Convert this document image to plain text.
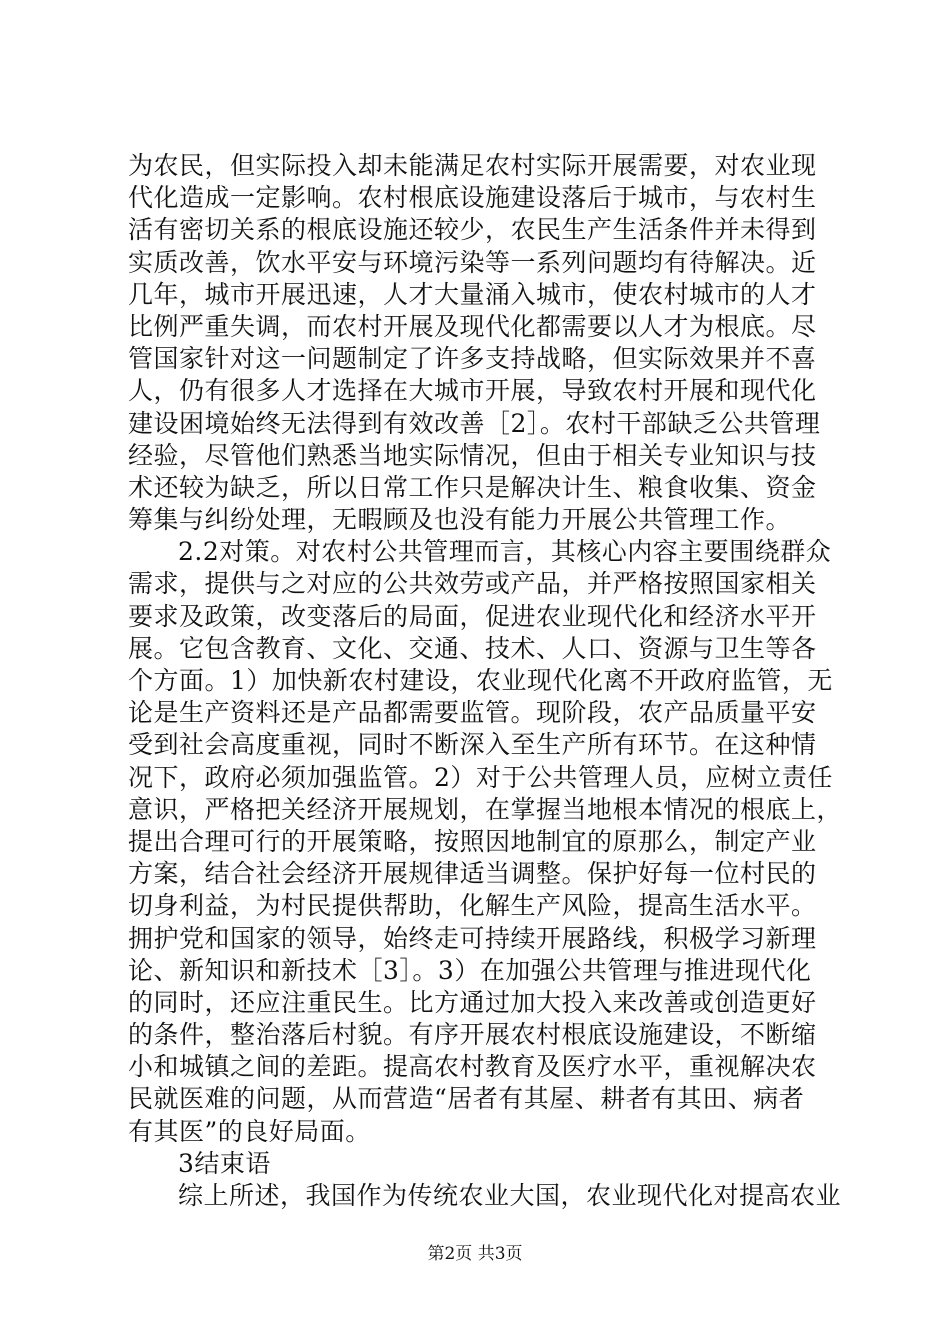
为农民，但实际投入却未能满足农村实际开展需要，对农业现
代化造成一定影响。农村根底设施建设落后于城市，与农村生
活有密切关系的根底设施还较少，农民生产生活条件并未得到
实质改善，饮水平安与环境污染等一系列问题均有待解决。近
几年，城市开展迅速，人才大量涌入城市，使农村城市的人才
比例严重失调，而农村开展及现代化都需要以人才为根底。尽
管国家针对这一问题制定了许多支持战略，但实际效果并不喜
人，仍有很多人才选择在大城市开展，导致农村开展和现代化
建设困境始终无法得到有效改善［2］。农村干部缺乏公共管理
经验，尽管他们熟悉当地实际情况，但由于相关专业知识与技
术还较为缺乏，所以日常工作只是解决计生、粮食收集、资金
筹集与纠纷处理，无暇顾及也没有能力开展公共管理工作。
2.2对策。对农村公共管理而言，其核心内容主要围绕群众
需求，提供与之对应的公共效劳或产品，并严格按照国家相关
要求及政策，改变落后的局面，促进农业现代化和经济水平开
展。它包含教育、文化、交通、技术、人口、资源与卫生等各
个方面。1）加快新农村建设，农业现代化离不开政府监管，无
论是生产资料还是产品都需要监管。现阶段，农产品质量平安
受到社会高度重视，同时不断深入至生产所有环节。在这种情
况下，政府必须加强监管。2）对于公共管理人员，应树立责任
意识，严格把关经济开展规划，在掌握当地根本情况的根底上，
提出合理可行的开展策略，按照因地制宜的原那么，制定产业
方案，结合社会经济开展规律适当调整。保护好每一位村民的
切身利益，为村民提供帮助，化解生产风险，提高生活水平。
拥护党和国家的领导，始终走可持续开展路线，积极学习新理
论、新知识和新技术［3］。3）在加强公共管理与推进现代化
的同时，还应注重民生。比方通过加大投入来改善或创造更好
的条件，整治落后村貌。有序开展农村根底设施建设，不断缩
小和城镇之间的差距。提高农村教育及医疗水平，重视解决农
民就医难的问题，从而营造“居者有其屋、耕者有其田、病者
有其医”的良好局面。
3结束语
综上所述，我国作为传统农业大国，农业现代化对提高农业
第2页 共3页
